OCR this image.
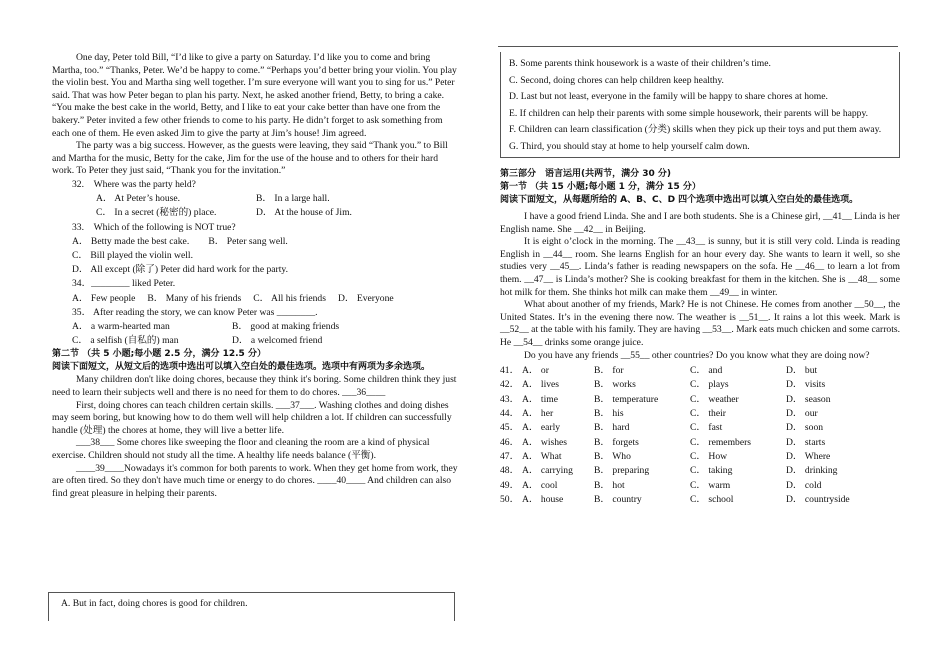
One day, Peter told Bill, “I’d like to give a party on Saturday. I’d like you to come and bring Martha, too.” “Thanks, Peter. We’d be happy to come.” “Perhaps you’d better bring your violin. You play the violin best. You and Martha sing well together. I’m sure everyone will want you to sing for us.” Peter said. That was how Peter began to plan his party. Next, he asked another friend, Betty, to bring a cake. “You make the best cake in the world, Betty, and I like to eat your cake better than have one from the bakery.” Peter invited a few other friends to come to his party. He didn’t forget to ask something from each one of them. He even asked Jim to give the party at Jim’s house! Jim agreed.

The party was a big success. However, as the guests were leaving, they said “Thank you.” to Bill and Martha for the music, Betty for the cake, Jim for the use of the house and to others for their hard work. To Peter they just said, “Thank you for the invitation.”

32.　Where was the party held?

A． At Peter’s house.	B． In a large hall.
C． In a secret (秘密的) place.	D． At the house of Jim.

33.　Which of the following is NOT true?

A． Betty made the best cake.　　B． Peter sang well.

C． Bill played the violin well.

D． All except (除了) Peter did hard work for the party.

34．________ liked Peter.

A． Few people　 B． Many of his friends　 C． All his friends　 D． Everyone

35． After reading the story, we can know Peter was ________.

A． a warm-hearted man	B． good at making friends
C． a selfish (自私的) man	D． a welcomed friend

第二节 （共 5 小题;每小题 2.5 分，满分 12.5 分）

阅读下面短文，从短文后的选项中选出可以填入空白处的最佳选项。选项中有两项为多余选项。

Many children don't like doing chores, because they think it's boring. Some children think they just need to learn their subjects well and there is no need for them to do chores. ___36____

First, doing chores can teach children certain skills. ___37___. Washing clothes and doing dishes may seem boring, but knowing how to do them well will help children a lot. If children can successfully handle (处理) the chores at home, they will live a better life.

___38___ Some chores like sweeping the floor and cleaning the room are a kind of physical exercise. Children should not study all the time. A healthy life needs balance (平衡).

____39____Nowadays it's common for both parents to work. When they get home from work, they are often tired. So they don't have much time or energy to do chores. ____40____ And children can also find great pleasure in helping their parents.

A. But in fact, doing chores is good for children.

B. Some parents think housework is a waste of their children’s time.

C. Second, doing chores can help children keep healthy.

D. Last but not least, everyone in the family will be happy to share chores at home.

E. If children can help their parents with some simple housework, their parents will be happy.

F. Children can learn classification (分类) skills when they pick up their toys and put them away.

G. Third, you should stay at home to help yourself calm down.

第三部分　语言运用(共两节，满分 30 分)

第一节 （共 15 小题;每小题 1 分，满分 15 分）

阅读下面短文，从每题所给的 A、B、C、D 四个选项中选出可以填入空白处的最佳选项。

I have a good friend Linda. She and I are both students. She is a Chinese girl, __41__ Linda is her English name. She __42__ in Beijing.

It is eight o’clock in the morning. The __43__ is sunny, but it is still very cold. Linda is reading English in __44__ room. She learns English for an hour every day. She wants to learn it well, so she studies very __45__. Linda’s father is reading newspapers on the sofa. He __46__ to learn a lot from them. __47__ is Linda’s mother? She is cooking breakfast for them in the kitchen. She is __48__ some hot milk for them. She thinks hot milk can make them __49__ in winter.

What about another of my friends, Mark? He is not Chinese. He comes from another __50__, the United States. It’s in the evening there now. The weather is __51__. It rains a lot this week. Mark is __52__ at the table with his family. They are having __53__. Mark eats much chicken and some carrots. He __54__ drinks some orange juice.

Do you have any friends __55__ other countries? Do you know what they are doing now?

41． A． or	B． for	C． and	D． but
42． A． lives	B． works	C． plays	D． visits
43． A． time	B． temperature	C． weather	D． season
44． A． her	B． his	C． their	D． our
45． A． early	B． hard	C． fast	D． soon
46． A． wishes	B． forgets	C． remembers	D． starts
47． A． What	B． Who	C． How	D． Where
48． A． carrying	B． preparing	C． taking	D． drinking
49． A． cool	B． hot	C． warm	D． cold
50． A． house	B． country	C． school	D． countryside
